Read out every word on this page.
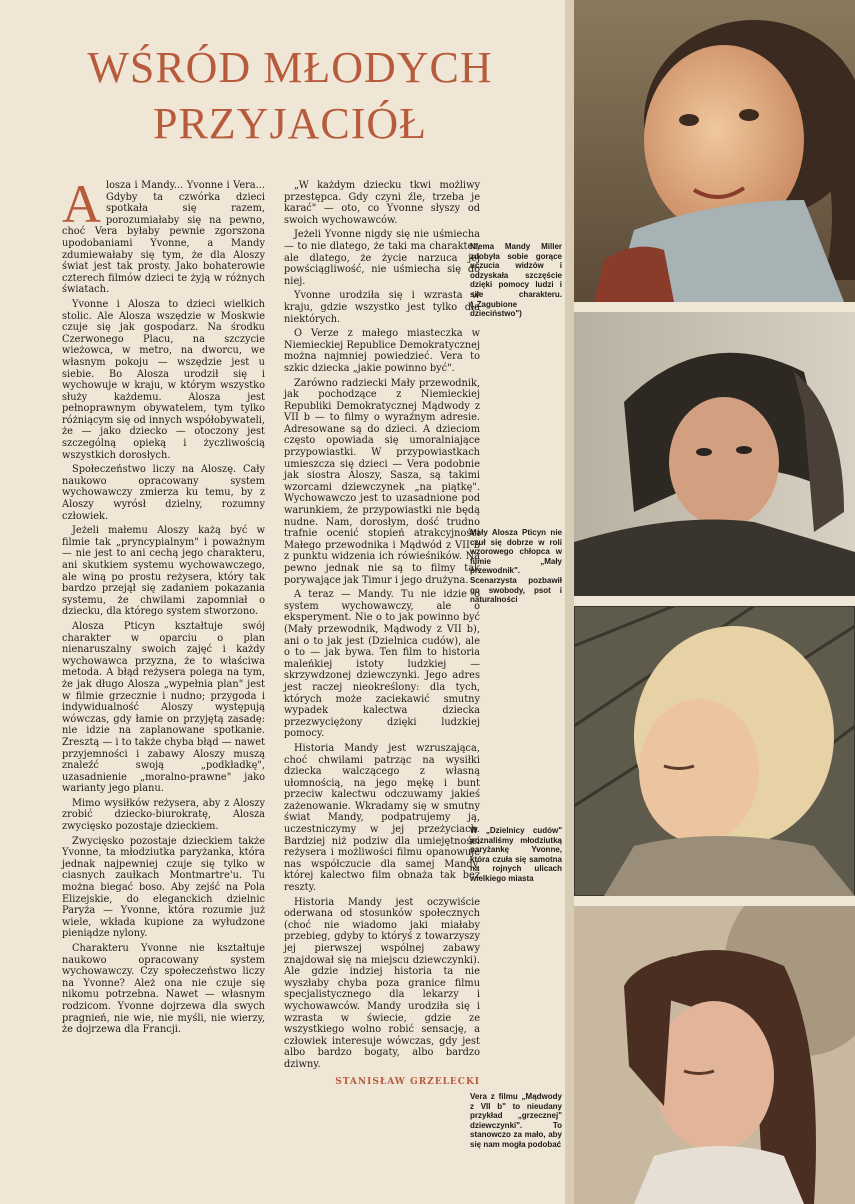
WŚRÓD MŁODYCH
PRZYJACIÓŁ

Alosza i Mandy... Yvonne i Vera... Gdyby ta czwórka dzieci spotkała się razem, porozumiałaby się na pewno, choć Vera byłaby pewnie zgorszona upodobaniami Yvonne, a Mandy zdumiewałaby się tym, że dla Aloszy świat jest tak prosty. Jako bohaterowie czterech filmów dzieci te żyją w różnych światach.

Yvonne i Alosza to dzieci wielkich stolic. Ale Alosza wszędzie w Moskwie czuje się jak gospodarz. Na środku Czerwonego Placu, na szczycie wieżowca, w metro, na dworcu, we własnym pokoju — wszędzie jest u siebie. Bo Alosza urodził się i wychowuje w kraju, w którym wszystko służy każdemu. Alosza jest pełnoprawnym obywatelem, tym tylko różniącym się od innych współobywateli, że — jako dziecko — otoczony jest szczególną opieką i życzliwością wszystkich dorosłych.

Społeczeństwo liczy na Aloszę. Cały naukowo opracowany system wychowawczy zmierza ku temu, by z Aloszy wyrósł dzielny, rozumny człowiek.

Jeżeli małemu Aloszy każą być w filmie tak „pryncypialnym" i poważnym — nie jest to ani cechą jego charakteru, ani skutkiem systemu wychowawczego, ale winą po prostu reżysera, który tak bardzo przejął się zadaniem pokazania systemu, że chwilami zapomniał o dziecku, dla którego system stworzono.

Alosza Pticyn kształtuje swój charakter w oparciu o plan nienaruszalny swoich zajęć i każdy wychowawca przyzna, że to właściwa metoda. A błąd reżysera polega na tym, że jak długo Alosza „wypełnia plan" jest w filmie grzecznie i nudno; przygoda i indywidualność Aloszy występują wówczas, gdy łamie on przyjętą zasadę: nie idzie na zaplanowane spotkanie. Zresztą — i to także chyba błąd — nawet przyjemności i zabawy Aloszy muszą znaleźć swoją „podkładkę", uzasadnienie „moralno-prawne" jako warianty jego planu.

Mimo wysiłków reżysera, aby z Aloszy zrobić dziecko-biurokratę, Alosza zwycięsko pozostaje dzieckiem.

Zwycięsko pozostaje dzieckiem także Yvonne, ta młodziutka paryżanka, która jednak najpewniej czuje się tylko w ciasnych zaułkach Montmartre'u. Tu można biegać boso. Aby zejść na Pola Elizejskie, do eleganckich dzielnic Paryża — Yvonne, która rozumie już wiele, wkłada kupione za wyłudzone pieniądze nylony.

Charakteru Yvonne nie kształtuje naukowo opracowany system wychowawczy. Czy społeczeństwo liczy na Yvonne? Ależ ona nie czuje się nikomu potrzebna. Nawet — własnym rodzicom. Yvonne dojrzewa dla swych pragnień, nie wie, nie myśli, nie wierzy, że dojrzewa dla Francji.

„W każdym dziecku tkwi możliwy przestępca. Gdy czyni źle, trzeba je karać" — oto, co Yvonne słyszy od swoich wychowawców.

Jeżeli Yvonne nigdy się nie uśmiecha — to nie dlatego, że taki ma charakter, ale dlatego, że życie narzuca jej powściągliwość, nie uśmiecha się do niej.

Yvonne urodziła się i wzrasta w kraju, gdzie wszystko jest tylko dla niektórych.

O Verze z małego miasteczka w Niemieckiej Republice Demokratycznej można najmniej powiedzieć. Vera to szkic dziecka „jakie powinno być".

Zarówno radziecki Mały przewodnik, jak pochodzące z Niemieckiej Republiki Demokratycznej Mądwody z VII b — to filmy o wyraźnym adresie. Adresowane są do dzieci. A dzieciom często opowiada się umoralniające przypowiastki. W przypowiastkach umieszcza się dzieci — Vera podobnie jak siostra Aloszy, Sasza, są takimi wzorcami dziewczynek „na piątkę". Wychowawczo jest to uzasadnione pod warunkiem, że przypowiastki nie będą nudne. Nam, dorosłym, dość trudno trafnie ocenić stopień atrakcyjności Małego przewodnika i Mądwód z VII b z punktu widzenia ich rówieśników. Na pewno jednak nie są to filmy tak porywające jak Timur i jego drużyna.

A teraz — Mandy. Tu nie idzie o system wychowawczy, ale o eksperyment. Nie o to jak powinno być (Mały przewodnik, Mądwody z VII b), ani o to jak jest (Dzielnica cudów), ale o to — jak bywa. Ten film to historia maleńkiej istoty ludzkiej — skrzywdzonej dziewczynki. Jego adres jest raczej nieokreślony: dla tych, których może zaciekawić smutny wypadek kalectwa dziecka przezwyciężony dzięki ludzkiej pomocy.

Historia Mandy jest wzruszająca, choć chwilami patrząc na wysiłki dziecka walczącego z własną ułomnością, na jego mękę i bunt przeciw kalectwu odczuwamy jakieś zażenowanie. Wkradamy się w smutny świat Mandy, podpatrujemy ją, uczestniczymy w jej przeżyciach. Bardziej niż podziw dla umiejętności reżysera i możliwości filmu opanowuje nas współczucie dla samej Mandy, której kalectwo film obnaża tak bez reszty.

Historia Mandy jest oczywiście oderwana od stosunków społecznych (choć nie wiadomo jaki miałaby przebieg, gdyby to któryś z towarzyszy jej pierwszej wspólnej zabawy znajdował się na miejscu dziewczynki). Ale gdzie indziej historia ta nie wyszłaby chyba poza granice filmu specjalistycznego dla lekarzy i wychowawców. Mandy urodziła się i wzrasta w świecie, gdzie ze wszystkiego wolno robić sensację, a człowiek interesuje wówczas, gdy jest albo bardzo bogaty, albo bardzo dziwny.

STANISŁAW GRZELECKI
Niema Mandy Miller zdobyła sobie gorące uczucia widzów i odzyskała szczęście dzięki pomocy ludzi i sile charakteru. („Zagubione dzieciństwo")
Mały Alosza Pticyn nie czuł się dobrze w roli wzorowego chłopca w filmie „Mały przewodnik". Scenarzysta pozbawił go swobody, psot i naturalności
W „Dzielnicy cudów" poznaliśmy młodziutką paryżankę Yvonne, która czuła się samotna na rojnych ulicach wielkiego miasta
Vera z filmu „Mądwody z VII b" to nieudany przykład „grzecznej" dziewczynki". To stanowczo za mało, aby się nam mogła podobać
